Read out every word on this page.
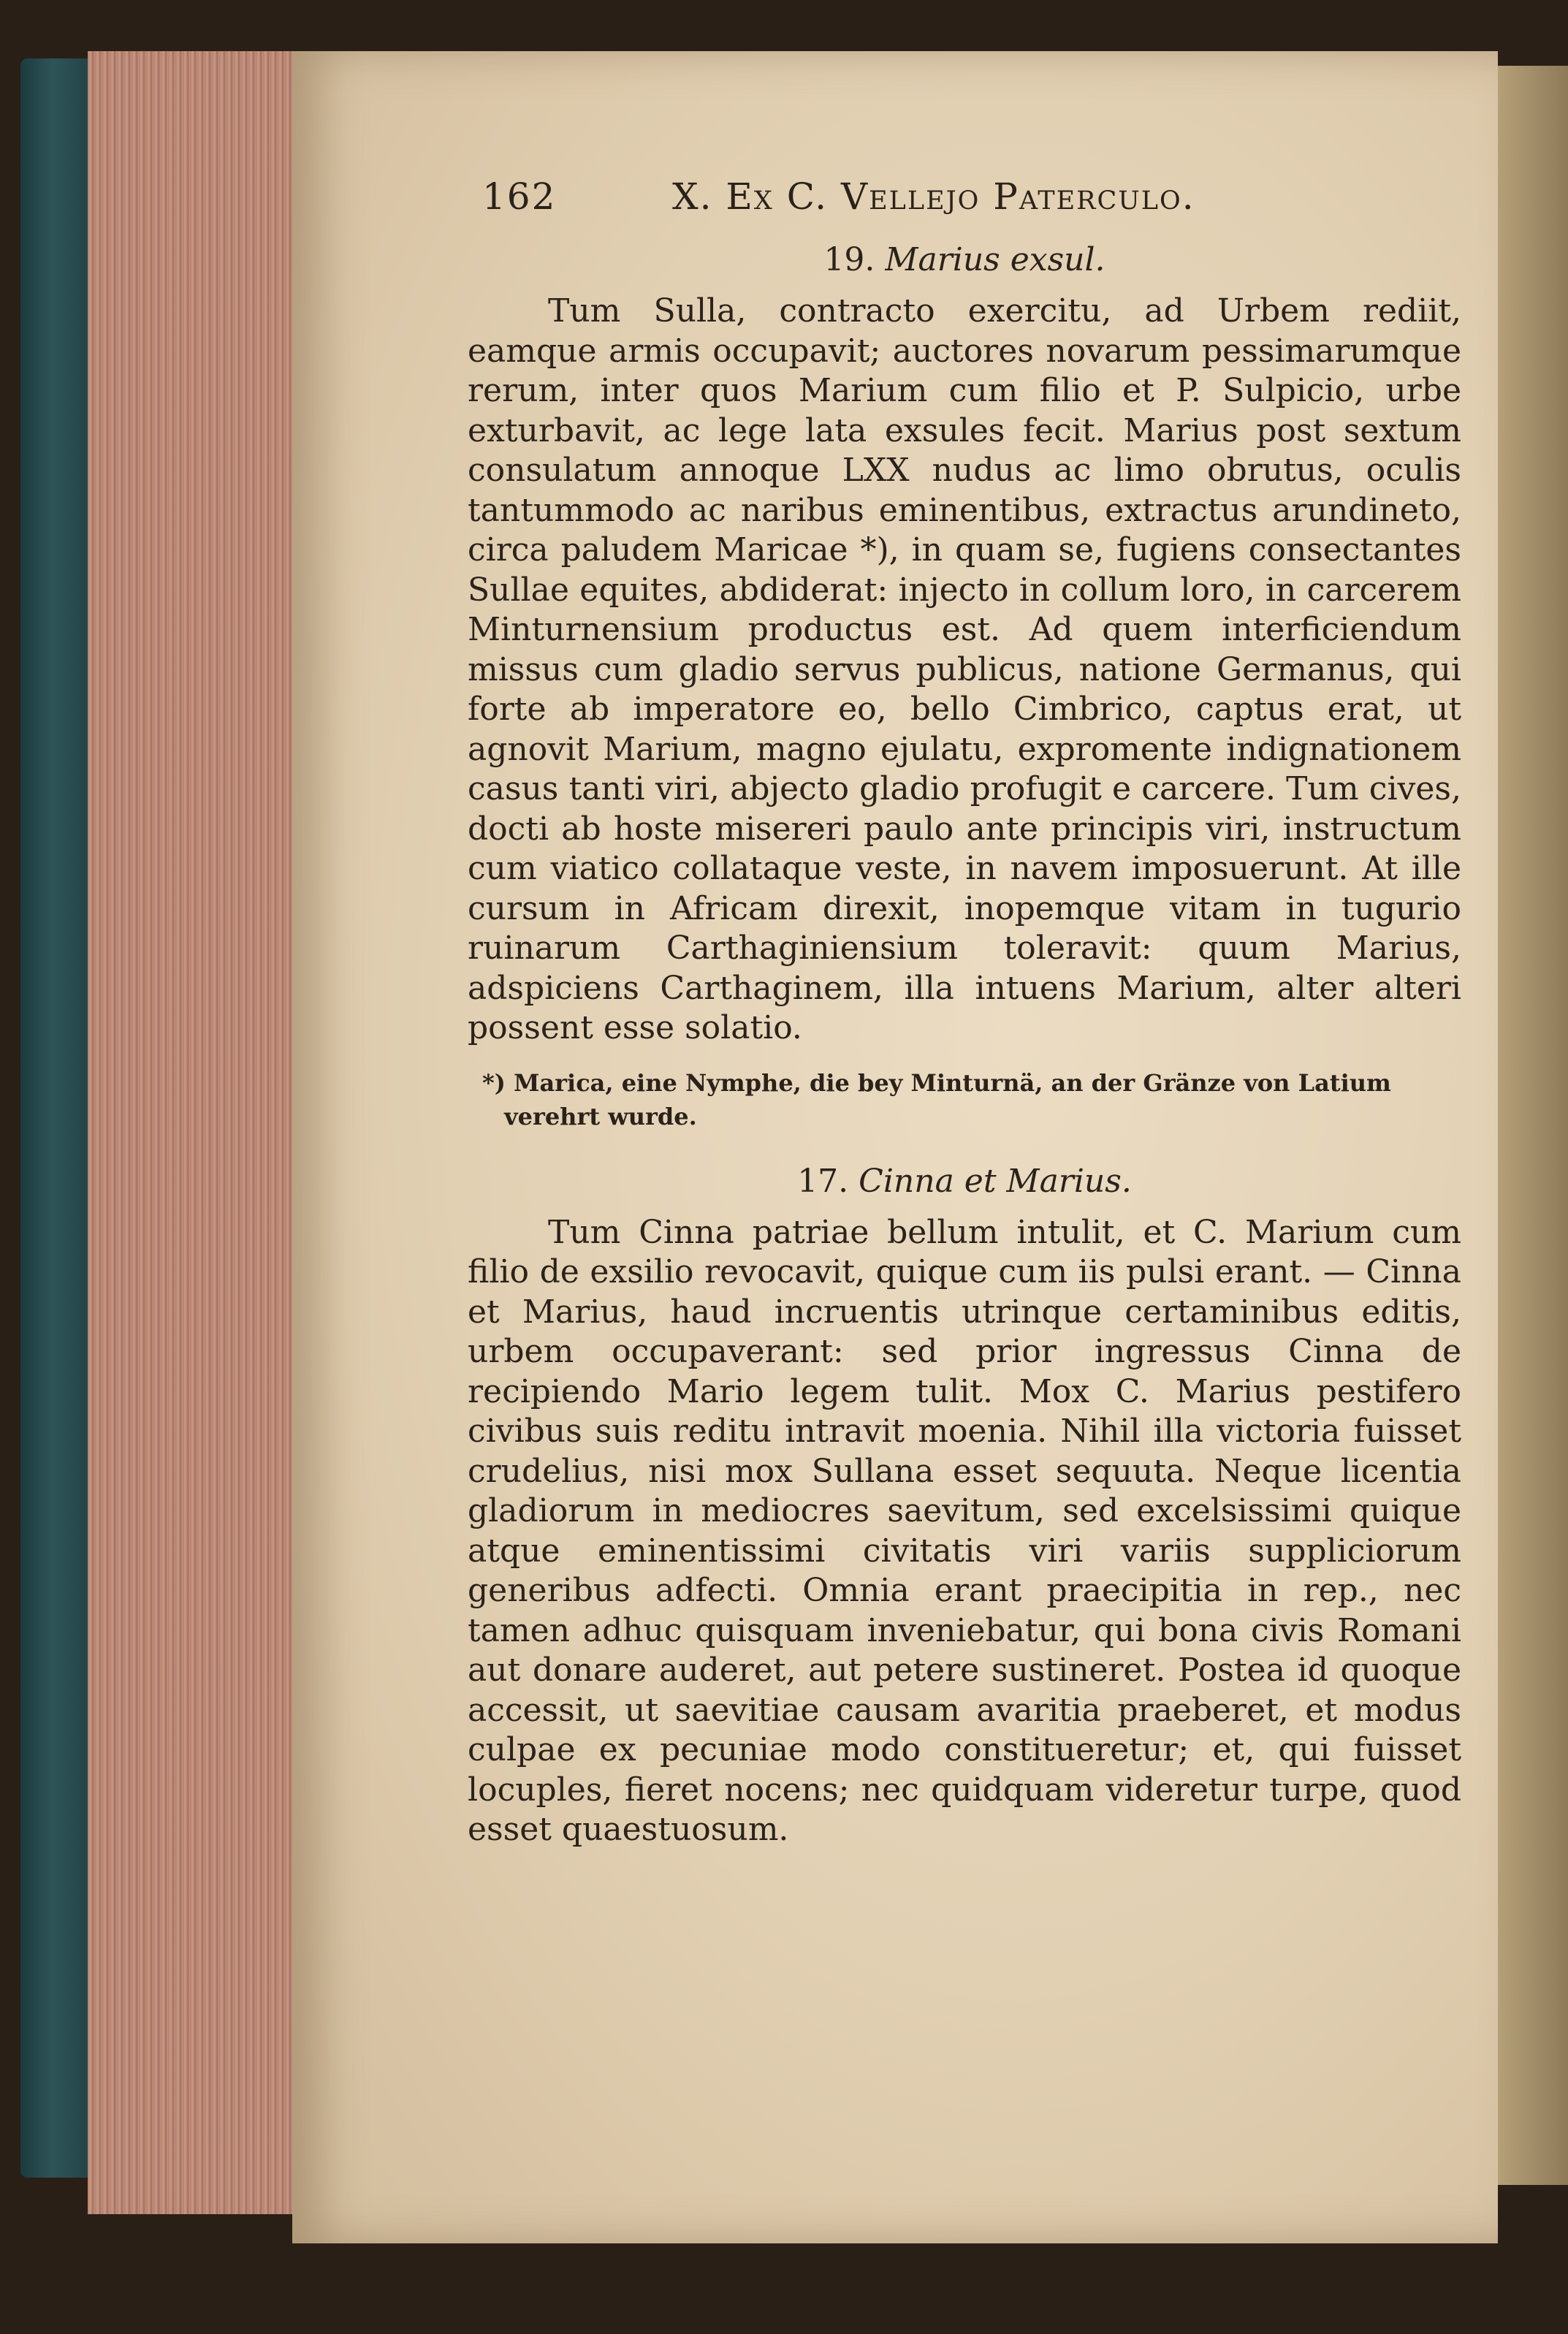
162	X. Ex C. Vellejo Paterculo.
19. Marius exsul.

Tum Sulla, contracto exercitu, ad Urbem rediit, eamque armis occupavit; auctores novarum pessimarumque rerum, inter quos Marium cum filio et P. Sulpicio, urbe exturbavit, ac lege lata exsules fecit. Marius post sextum consulatum annoque LXX nudus ac limo obrutus, oculis tantummodo ac naribus eminentibus, extractus arundineto, circa paludem Maricae *), in quam se, fugiens consectantes Sullae equites, abdiderat: injecto in collum loro, in carcerem Minturnensium productus est. Ad quem interficiendum missus cum gladio servus publicus, natione Germanus, qui forte ab imperatore eo, bello Cimbrico, captus erat, ut agnovit Marium, magno ejulatu, expromente indignationem casus tanti viri, abjecto gladio profugit e carcere. Tum cives, docti ab hoste misereri paulo ante principis viri, instructum cum viatico collataque veste, in navem imposuerunt. At ille cursum in Africam direxit, inopemque vitam in tugurio ruinarum Carthaginiensium toleravit: quum Marius, adspiciens Carthaginem, illa intuens Marium, alter alteri possent esse solatio.

*) Marica, eine Nymphe, die bey Minturnä, an der Gränze von Latium verehrt wurde.

17. Cinna et Marius.

Tum Cinna patriae bellum intulit, et C. Marium cum filio de exsilio revocavit, quique cum iis pulsi erant. — Cinna et Marius, haud incruentis utrinque certaminibus editis, urbem occupaverant: sed prior ingressus Cinna de recipiendo Mario legem tulit. Mox C. Marius pestifero civibus suis reditu intravit moenia. Nihil illa victoria fuisset crudelius, nisi mox Sullana esset sequuta. Neque licentia gladiorum in mediocres saevitum, sed excelsissimi quique atque eminentissimi civitatis viri variis suppliciorum generibus adfecti. Omnia erant praecipitia in rep., nec tamen adhuc quisquam inveniebatur, qui bona civis Romani aut donare auderet, aut petere sustineret. Postea id quoque accessit, ut saevitiae causam avaritia praeberet, et modus culpae ex pecuniae modo constitueretur; et, qui fuisset locuples, fieret nocens; nec quidquam videretur turpe, quod esset quaestuosum.
